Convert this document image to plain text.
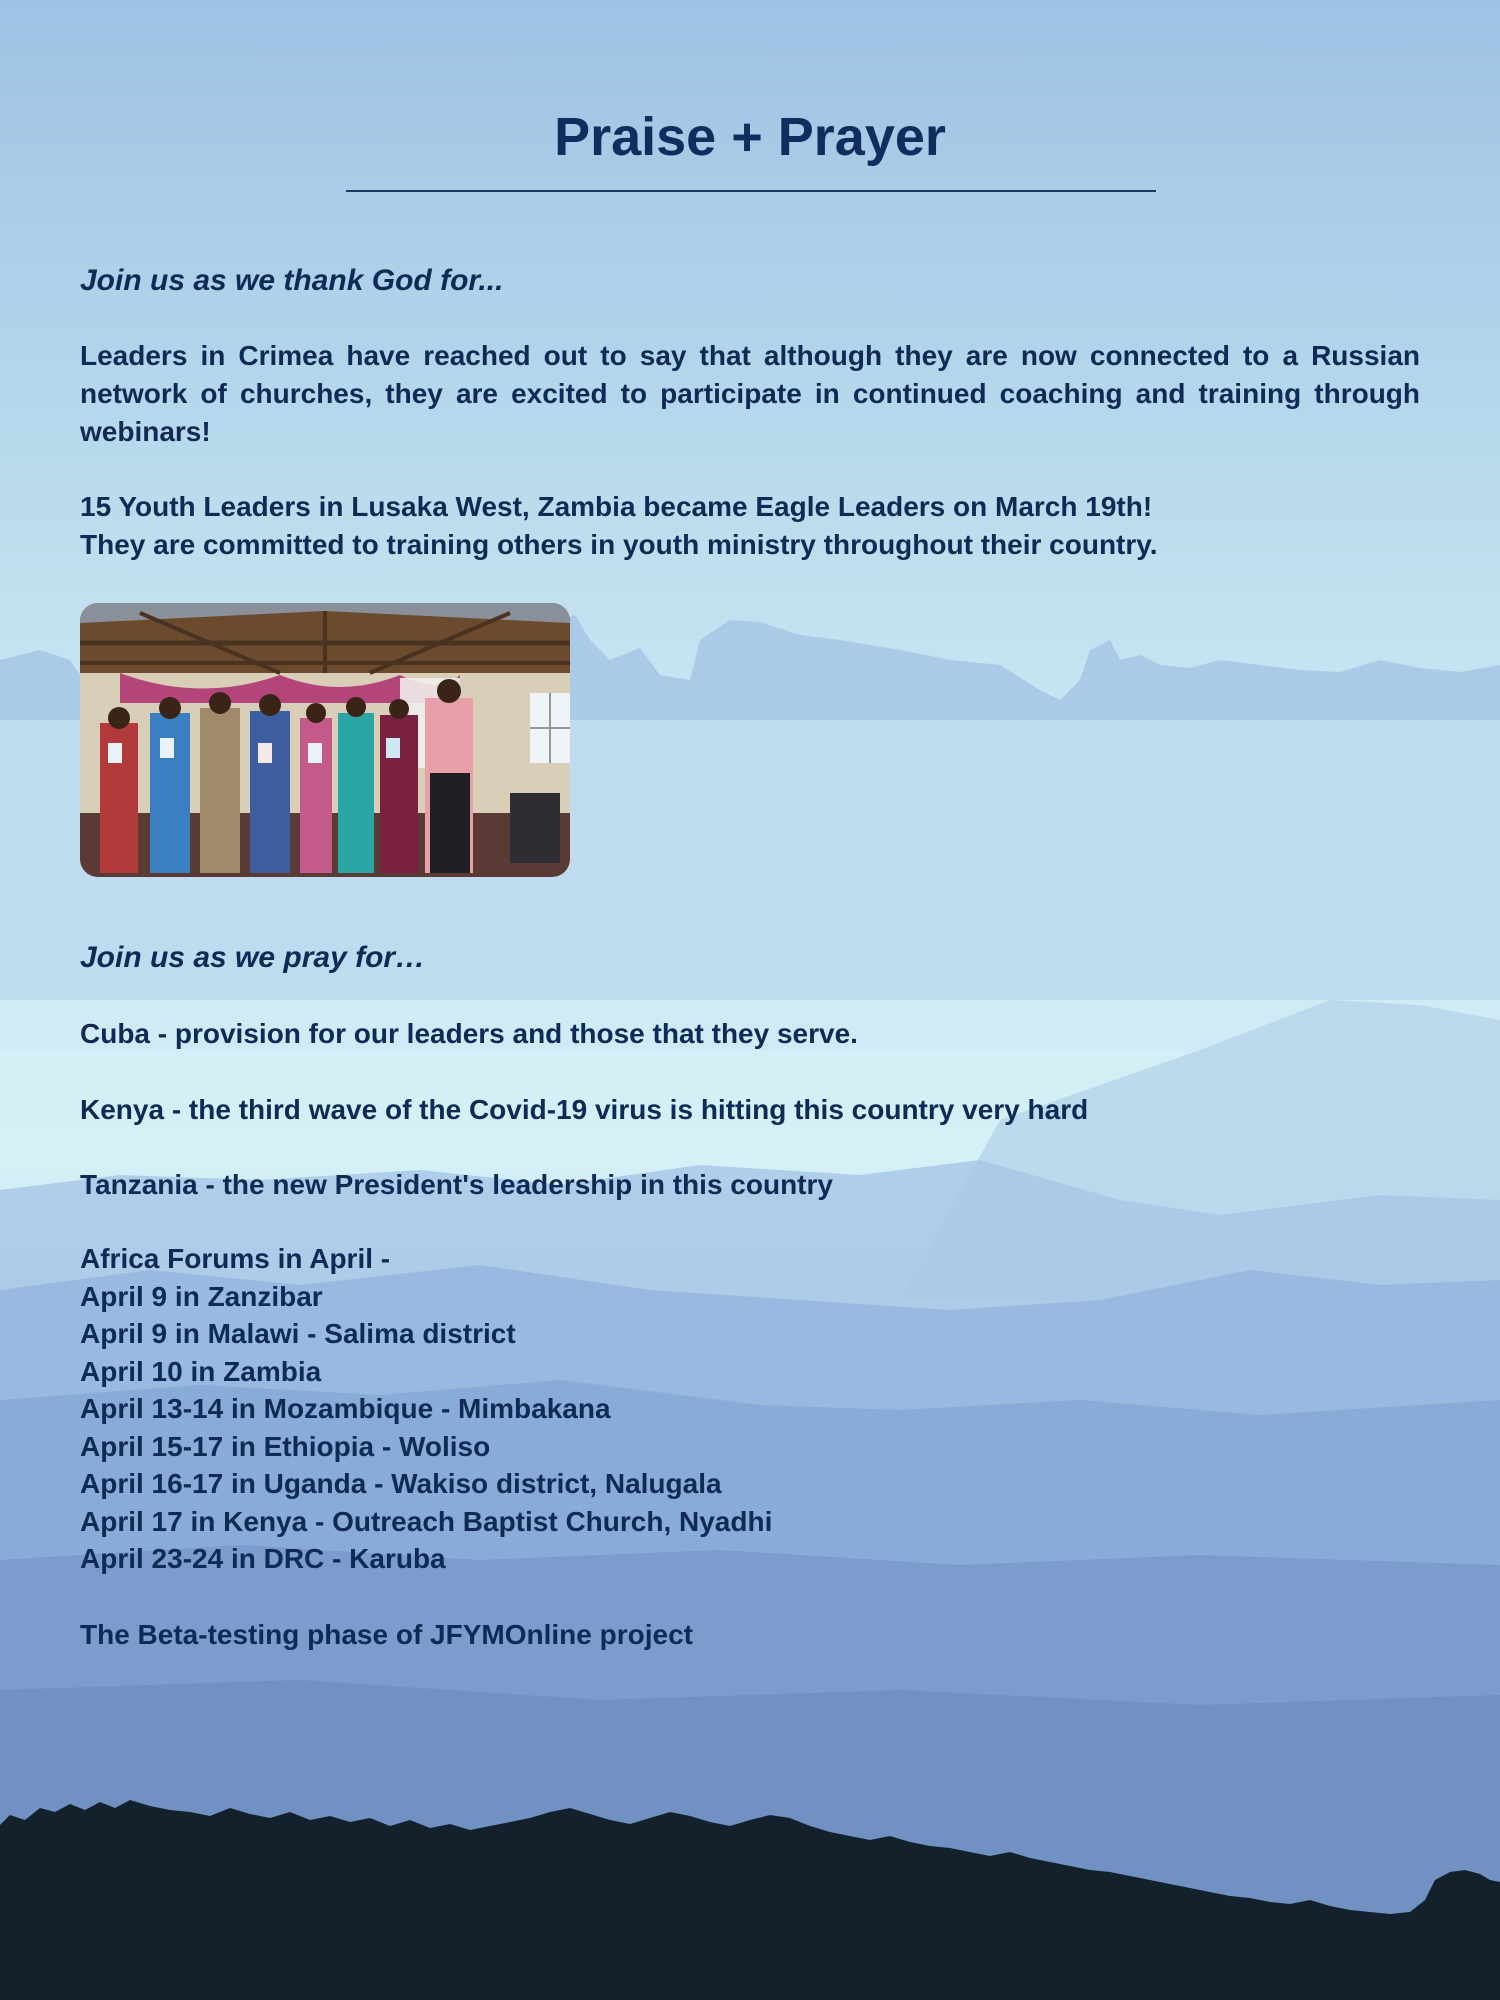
Praise + Prayer

Join us as we thank God for...

Leaders in Crimea have reached out to say that although they are now connected to a Russian network of churches, they are excited to participate in continued coaching and training through webinars!

15 Youth Leaders in Lusaka West, Zambia became Eagle Leaders on March 19th!

They are committed to training others in youth ministry throughout their country.

Join us as we pray for…

Cuba - provision for our leaders and those that they serve.

Kenya - the third wave of the Covid-19 virus is hitting this country very hard

Tanzania - the new President's leadership in this country

Africa Forums in April -
April 9 in Zanzibar
April 9 in Malawi - Salima district
April 10 in Zambia
April 13-14 in Mozambique - Mimbakana
April 15-17 in Ethiopia - Woliso
April 16-17 in Uganda - Wakiso district, Nalugala
April 17 in Kenya - Outreach Baptist Church, Nyadhi
April 23-24 in DRC - Karuba

The Beta-testing phase of JFYMOnline project
